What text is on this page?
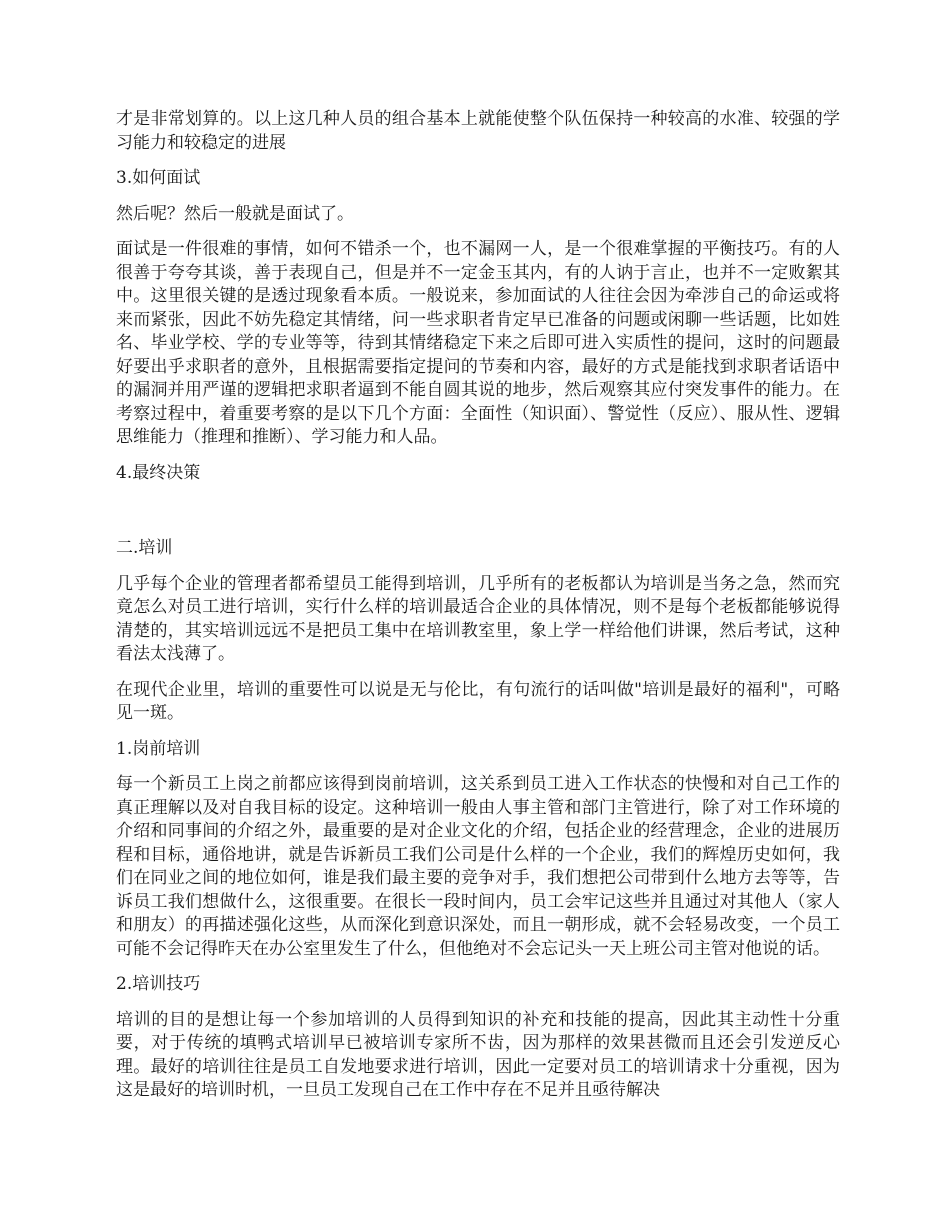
才是非常划算的。以上这几种人员的组合基本上就能使整个队伍保持一种较高的水准、较强的学习能力和较稳定的进展

3.如何面试

然后呢？然后一般就是面试了。

面试是一件很难的事情，如何不错杀一个，也不漏网一人，是一个很难掌握的平衡技巧。有的人很善于夸夸其谈，善于表现自己，但是并不一定金玉其内，有的人讷于言止，也并不一定败絮其中。这里很关键的是透过现象看本质。一般说来，参加面试的人往往会因为牵涉自己的命运或将来而紧张，因此不妨先稳定其情绪，问一些求职者肯定早已准备的问题或闲聊一些话题，比如姓名、毕业学校、学的专业等等，待到其情绪稳定下来之后即可进入实质性的提问，这时的问题最好要出乎求职者的意外，且根据需要指定提问的节奏和内容，最好的方式是能找到求职者话语中的漏洞并用严谨的逻辑把求职者逼到不能自圆其说的地步，然后观察其应付突发事件的能力。在考察过程中，着重要考察的是以下几个方面：全面性（知识面）、警觉性（反应）、服从性、逻辑思维能力（推理和推断）、学习能力和人品。

4.最终决策

二.培训

几乎每个企业的管理者都希望员工能得到培训，几乎所有的老板都认为培训是当务之急，然而究竟怎么对员工进行培训，实行什么样的培训最适合企业的具体情况，则不是每个老板都能够说得清楚的，其实培训远远不是把员工集中在培训教室里，象上学一样给他们讲课，然后考试，这种看法太浅薄了。

在现代企业里，培训的重要性可以说是无与伦比，有句流行的话叫做"培训是最好的福利"，可略见一斑。

1.岗前培训

每一个新员工上岗之前都应该得到岗前培训，这关系到员工进入工作状态的快慢和对自己工作的真正理解以及对自我目标的设定。这种培训一般由人事主管和部门主管进行，除了对工作环境的介绍和同事间的介绍之外，最重要的是对企业文化的介绍，包括企业的经营理念，企业的进展历程和目标，通俗地讲，就是告诉新员工我们公司是什么样的一个企业，我们的辉煌历史如何，我们在同业之间的地位如何，谁是我们最主要的竞争对手，我们想把公司带到什么地方去等等，告诉员工我们想做什么，这很重要。在很长一段时间内，员工会牢记这些并且通过对其他人（家人和朋友）的再描述强化这些，从而深化到意识深处，而且一朝形成，就不会轻易改变，一个员工可能不会记得昨天在办公室里发生了什么，但他绝对不会忘记头一天上班公司主管对他说的话。

2.培训技巧

培训的目的是想让每一个参加培训的人员得到知识的补充和技能的提高，因此其主动性十分重要，对于传统的填鸭式培训早已被培训专家所不齿，因为那样的效果甚微而且还会引发逆反心理。最好的培训往往是员工自发地要求进行培训，因此一定要对员工的培训请求十分重视，因为这是最好的培训时机，一旦员工发现自己在工作中存在不足并且亟待解决
